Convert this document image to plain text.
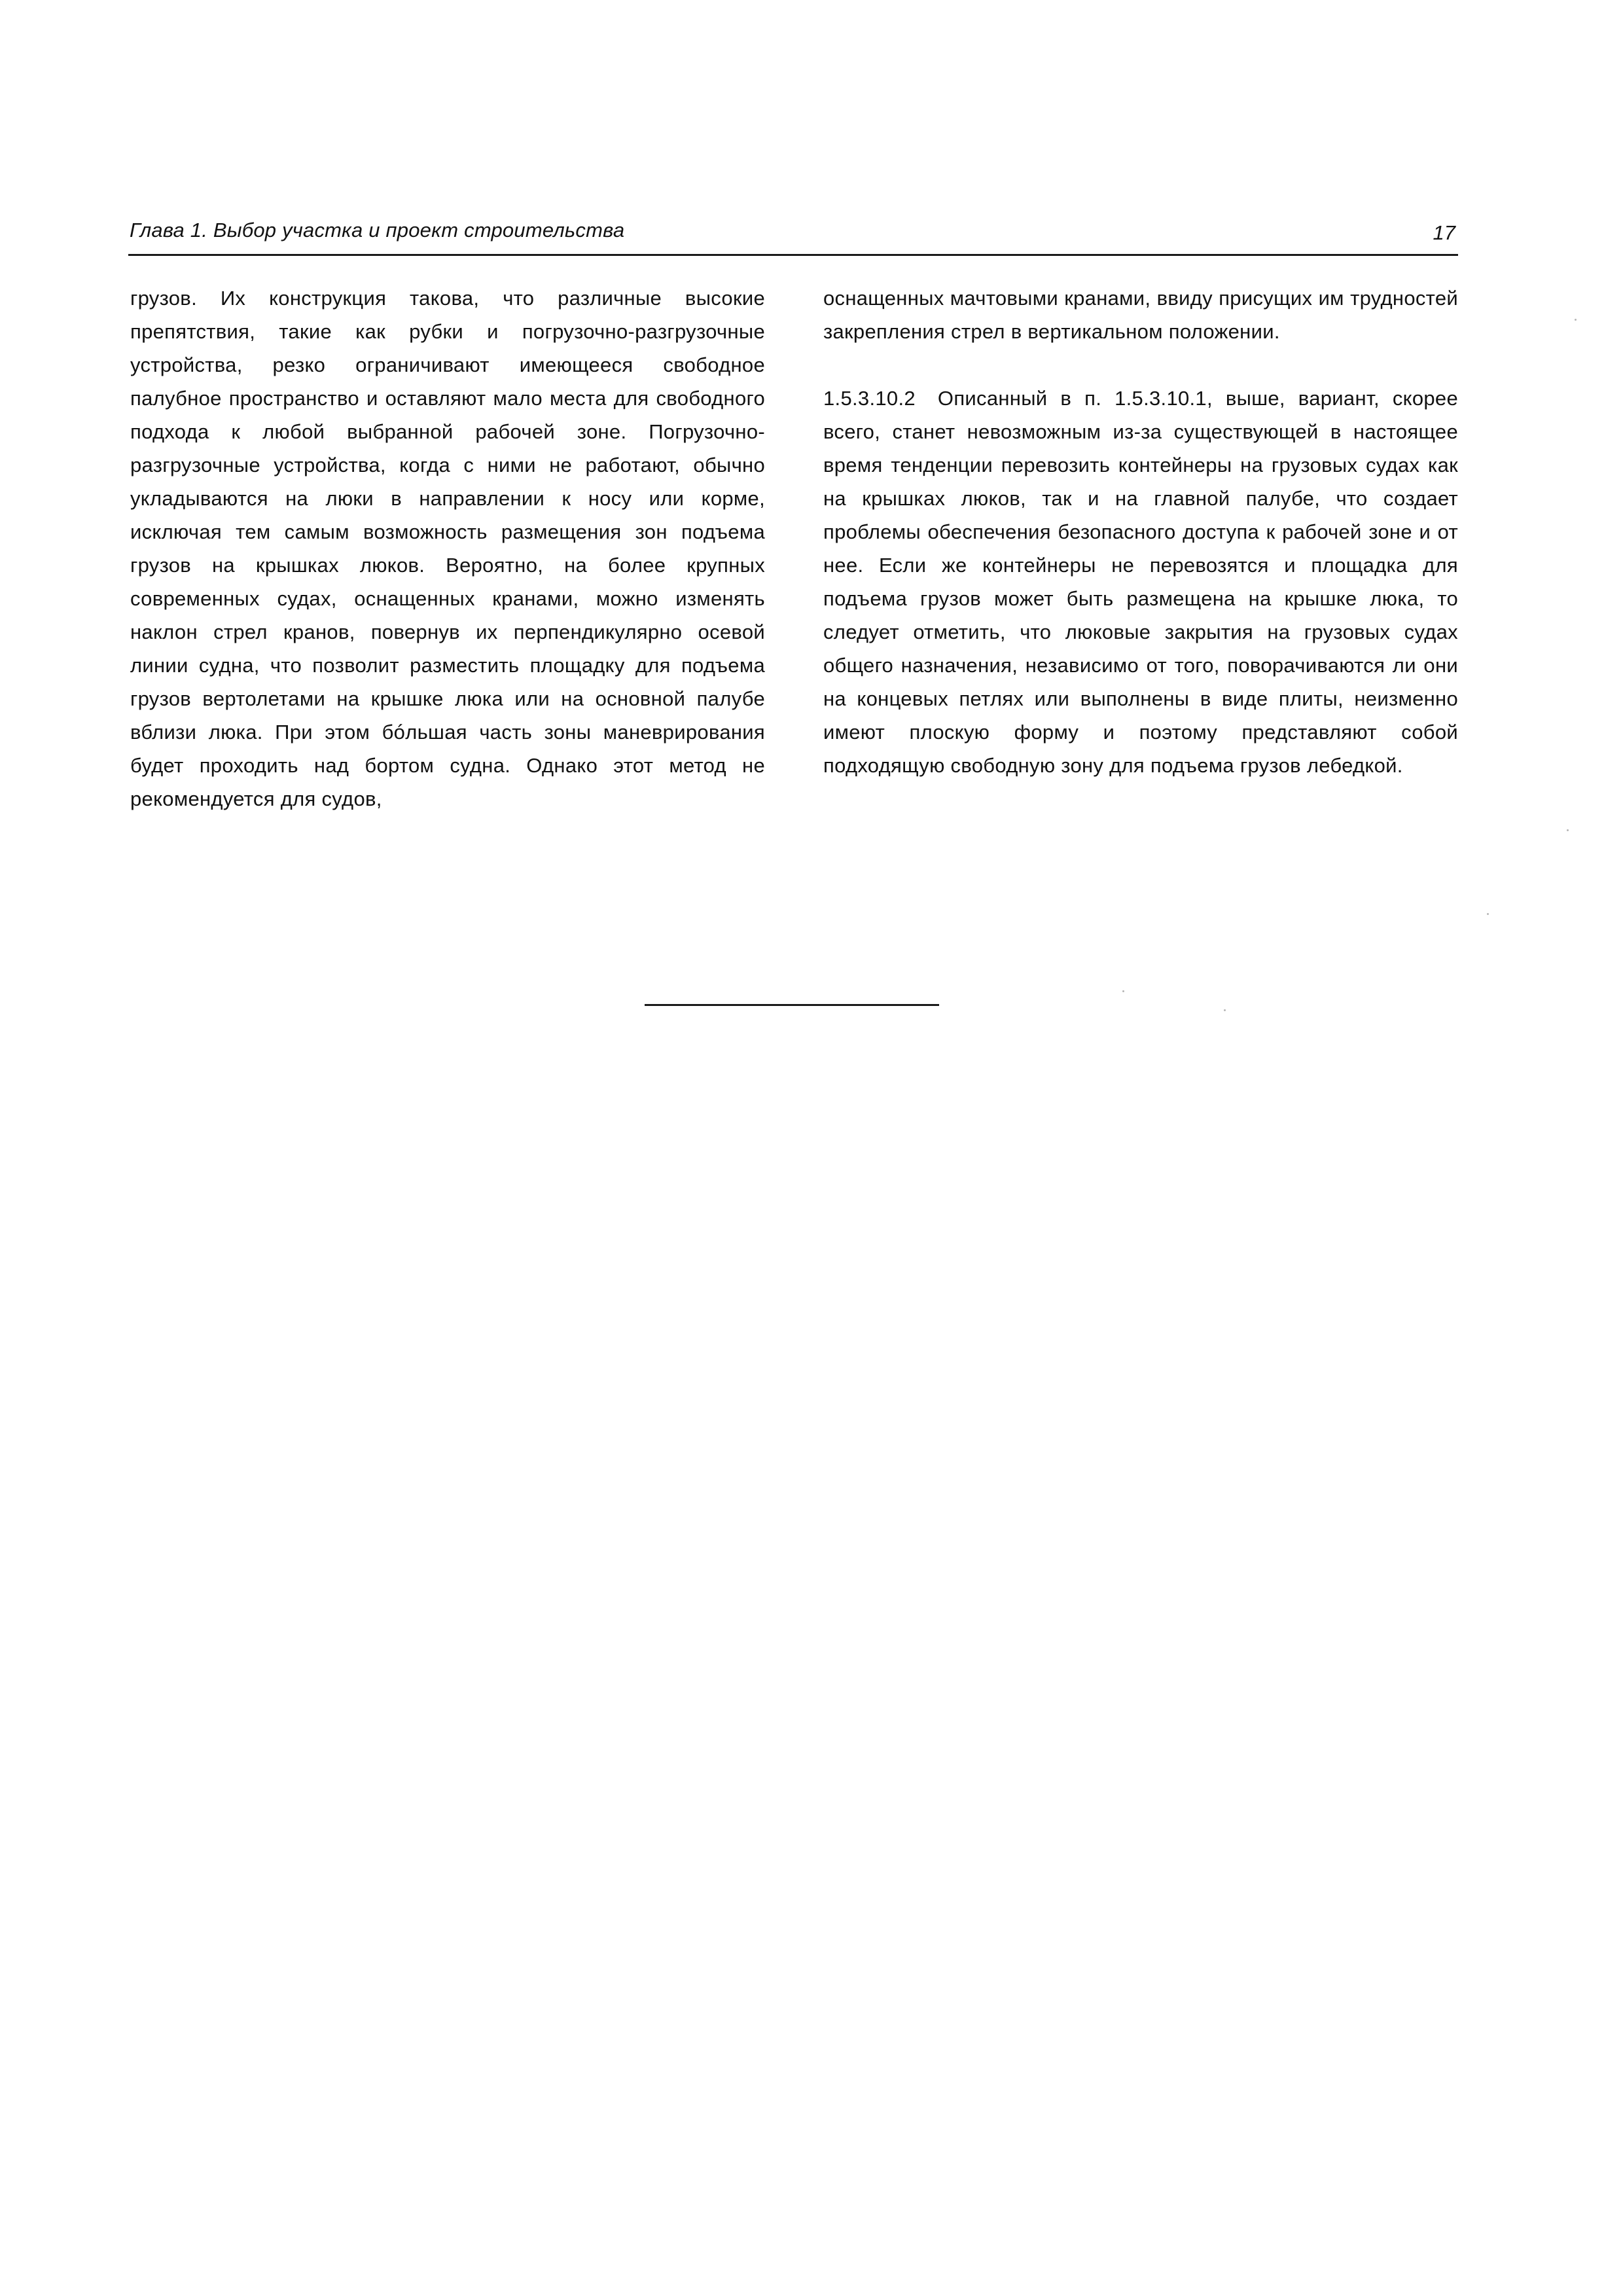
Глава 1. Выбор участка и проект строительства	17

грузов. Их конструкция такова, что различные высокие препятствия, такие как рубки и погрузочно-разгрузочные устройства, резко ограничивают имеющееся свободное палубное пространство и оставляют мало места для свободного подхода к любой выбранной рабочей зоне. Погрузочно-разгрузочные устройства, когда с ними не работают, обычно укладываются на люки в направлении к носу или корме, исключая тем самым возможность размещения зон подъема грузов на крышках люков. Вероятно, на более крупных современных судах, оснащенных кранами, можно изменять наклон стрел кранов, повернув их перпендикулярно осевой линии судна, что позволит разместить площадку для подъема грузов вертолетами на крышке люка или на основной палубе вблизи люка. При этом бóльшая часть зоны маневрирования будет проходить над бортом судна. Однако этот метод не рекомендуется для судов,

оснащенных мачтовыми кранами, ввиду присущих им трудностей закрепления стрел в вертикальном положении.

1.5.3.10.2 Описанный в п. 1.5.3.10.1, выше, вариант, скорее всего, станет невозможным из-за существующей в настоящее время тенденции перевозить контейнеры на грузовых судах как на крышках люков, так и на главной палубе, что создает проблемы обеспечения безопасного доступа к рабочей зоне и от нее. Если же контейнеры не перевозятся и площадка для подъема грузов может быть размещена на крышке люка, то следует отметить, что люковые закрытия на грузовых судах общего назначения, независимо от того, поворачиваются ли они на концевых петлях или выполнены в виде плиты, неизменно имеют плоскую форму и поэтому представляют собой подходящую свободную зону для подъема грузов лебедкой.
